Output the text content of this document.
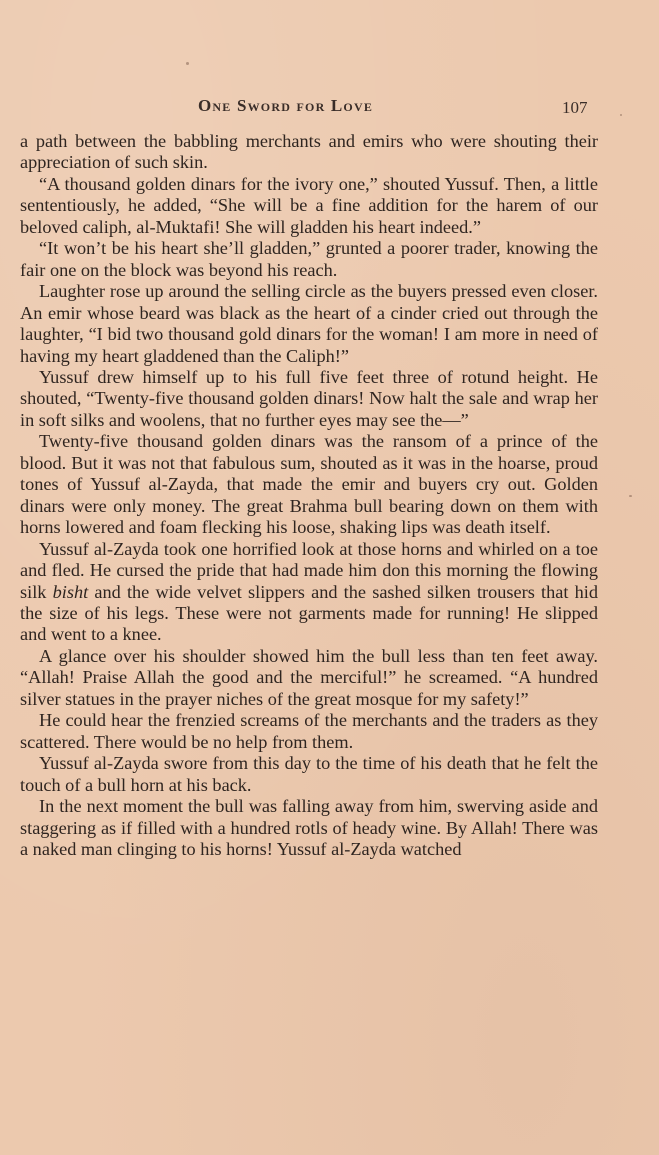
One Sword for Love	107

a path between the babbling merchants and emirs who were shouting their appreciation of such skin.

“A thousand golden dinars for the ivory one,” shouted Yussuf. Then, a little sententiously, he added, “She will be a fine addition for the harem of our beloved caliph, al-Muktafi! She will gladden his heart indeed.”

“It won’t be his heart she’ll gladden,” grunted a poorer trader, knowing the fair one on the block was beyond his reach.

Laughter rose up around the selling circle as the buyers pressed even closer. An emir whose beard was black as the heart of a cinder cried out through the laughter, “I bid two thousand gold dinars for the woman! I am more in need of having my heart gladdened than the Caliph!”

Yussuf drew himself up to his full five feet three of rotund height. He shouted, “Twenty-five thousand golden dinars! Now halt the sale and wrap her in soft silks and woolens, that no further eyes may see the—”

Twenty-five thousand golden dinars was the ransom of a prince of the blood. But it was not that fabulous sum, shouted as it was in the hoarse, proud tones of Yussuf al-Zayda, that made the emir and buyers cry out. Golden dinars were only money. The great Brahma bull bearing down on them with horns lowered and foam flecking his loose, shaking lips was death itself.

Yussuf al-Zayda took one horrified look at those horns and whirled on a toe and fled. He cursed the pride that had made him don this morning the flowing silk bisht and the wide velvet slippers and the sashed silken trousers that hid the size of his legs. These were not garments made for running! He slipped and went to a knee.

A glance over his shoulder showed him the bull less than ten feet away. “Allah! Praise Allah the good and the merciful!” he screamed. “A hundred silver statues in the prayer niches of the great mosque for my safety!”

He could hear the frenzied screams of the merchants and the traders as they scattered. There would be no help from them.

Yussuf al-Zayda swore from this day to the time of his death that he felt the touch of a bull horn at his back.

In the next moment the bull was falling away from him, swerving aside and staggering as if filled with a hundred rotls of heady wine. By Allah! There was a naked man clinging to his horns! Yussuf al-Zayda watched
